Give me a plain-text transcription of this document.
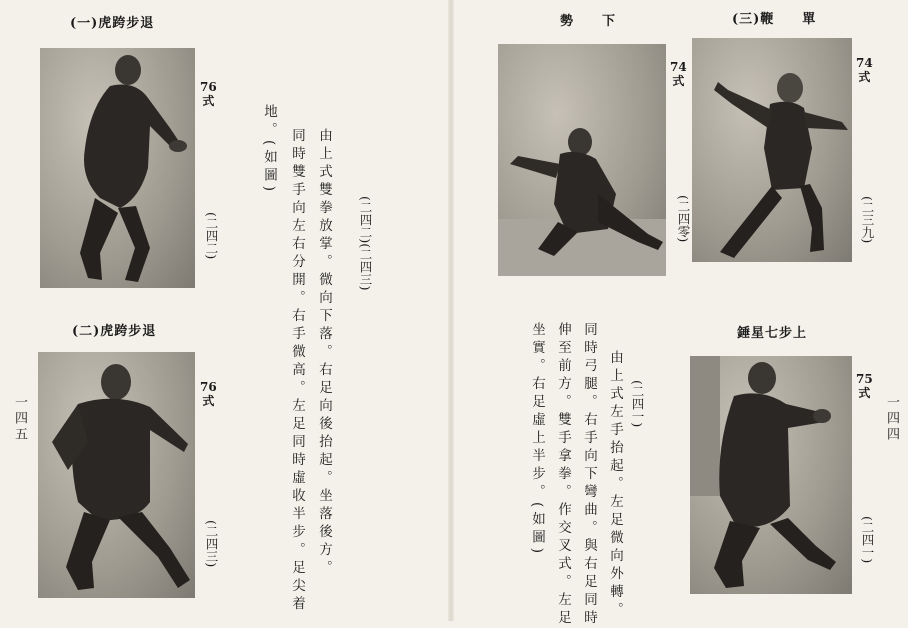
(一)虎跨步退
76
式
(二四二)
(二)虎跨步退
76
式
(二四三)
(二四二)(二四三)
由上式雙拳放掌。微向下落。右足向後抬起。坐落後方。
同時雙手向左右分開。右手微高。左足同時虛收半步。足尖着
地。(如圖)
一四五
勢　　下
74
式
(二四零)
(三)鞭　　單
74
式
(二三九)
錘星七步上
75
式
(二四一)
(二四一)
由上式左手抬起。左足微向外轉。
同時弓腿。右手向下彎曲。與右足同時
伸至前方。雙手拿拳。作交叉式。左足
坐實。右足虛上半步。(如圖)	一四四
